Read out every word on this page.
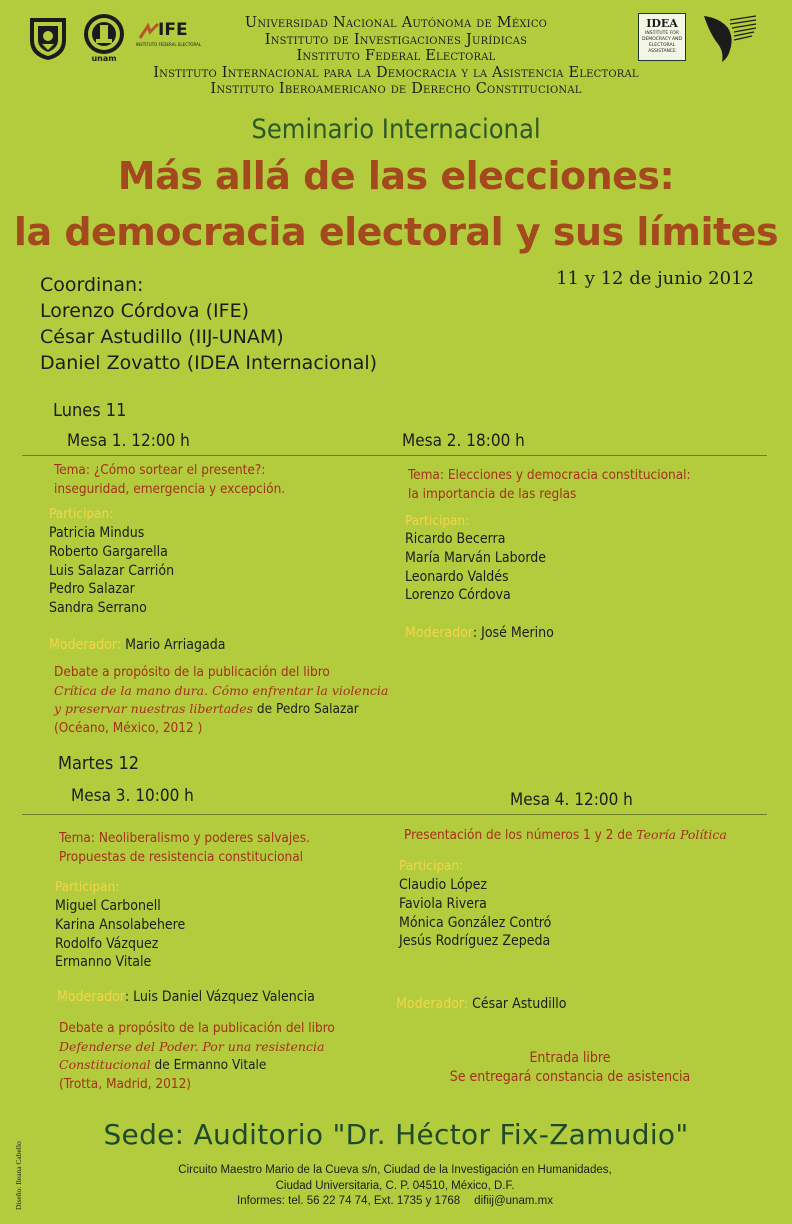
unam
IFE
INSTITUTO FEDERAL ELECTORAL
IDEA
INSTITUTE FOR
DEMOCRACY AND
ELECTORAL
ASSISTANCE
Universidad Nacional Autónoma de México
Instituto de Investigaciones Jurídicas
Instituto Federal Electoral
Instituto Internacional para la Democracia y la Asistencia Electoral
Instituto Iberoamericano de Derecho Constitucional
Seminario Internacional
Más allá de las elecciones:
la democracia electoral y sus límites
11 y 12 de junio 2012
Coordinan:
Lorenzo Córdova (IFE)
César Astudillo (IIJ-UNAM)
Daniel Zovatto (IDEA Internacional)
Lunes 11
Mesa 1. 12:00 h	Mesa 2. 18:00 h
Tema: ¿Cómo sortear el presente?:
inseguridad, emergencia y excepción.
Participan:
Patricia Mindus
Roberto Gargarella
Luis Salazar Carrión
Pedro Salazar
Sandra Serrano
Moderador: Mario Arriagada
Debate a propósito de la publicación del libro
Crítica de la mano dura. Cómo enfrentar la violencia
y preservar nuestras libertades de Pedro Salazar
(Océano, México, 2012 )
Tema: Elecciones y democracia constitucional:
la importancia de las reglas
Participan:
Ricardo Becerra
María Marván Laborde
Leonardo Valdés
Lorenzo Córdova
Moderador: José Merino
Martes 12
Mesa 3. 10:00 h	Mesa 4. 12:00 h
Tema: Neoliberalismo y poderes salvajes.
Propuestas de resistencia constitucional
Participan:
Miguel Carbonell
Karina Ansolabehere
Rodolfo Vázquez
Ermanno Vitale
Moderador: Luis Daniel Vázquez Valencia
Debate a propósito de la publicación del libro
Defenderse del Poder. Por una resistencia
Constitucional de Ermanno Vitale
(Trotta, Madrid, 2012)
Presentación de los números 1 y 2 de Teoría Política
Participan:
Claudio López
Faviola Rivera
Mónica González Contró
Jesús Rodríguez Zepeda
Moderador: César Astudillo
Entrada libre
Se entregará constancia de asistencia
Sede: Auditorio "Dr. Héctor Fix-Zamudio"
Circuito Maestro Mario de la Cueva s/n, Ciudad de la Investigación en Humanidades,
Ciudad Universitaria, C. P. 04510, México, D.F.
Informes: tel. 56 22 74 74, Ext. 1735 y 1768 difiij@unam.mx
Diseño: Ileana Cabello
